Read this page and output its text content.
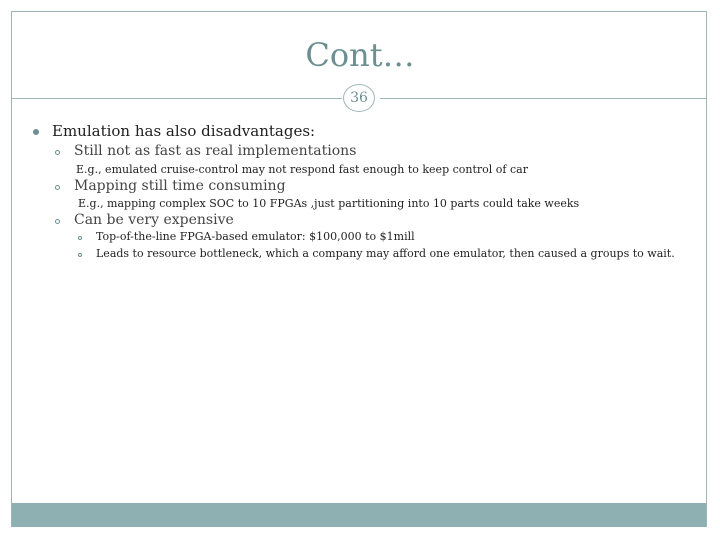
Cont…
36
Emulation has also disadvantages:
Still not as fast as real implementations
E.g., emulated cruise-control may not respond fast enough to keep control of car
Mapping still time consuming
E.g., mapping complex SOC to 10 FPGAs ,just partitioning into 10 parts could take weeks
Can be very expensive
Top-of-the-line FPGA-based emulator: $100,000 to $1mill
Leads to resource bottleneck, which a company may afford one emulator, then caused a groups to wait.
